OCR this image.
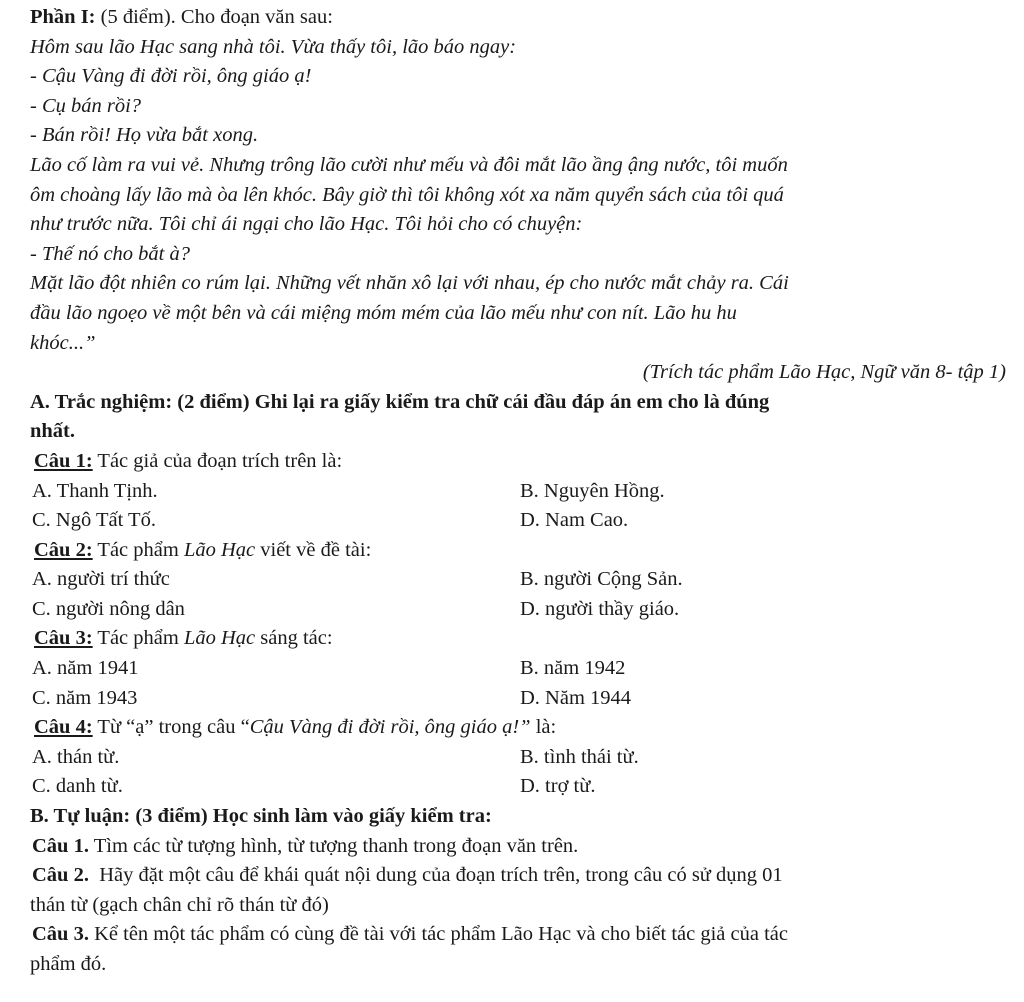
Phần I: (5 điểm). Cho đoạn văn sau:

Hôm sau lão Hạc sang nhà tôi. Vừa thấy tôi, lão báo ngay:

- Cậu Vàng đi đời rồi, ông giáo ạ!

- Cụ bán rồi?

- Bán rồi! Họ vừa bắt xong.

Lão cố làm ra vui vẻ. Nhưng trông lão cười như mếu và đôi mắt lão ầng ậng nước, tôi muốn

ôm choàng lấy lão mà òa lên khóc. Bây giờ thì tôi không xót xa năm quyển sách của tôi quá

như trước nữa. Tôi chỉ ái ngại cho lão Hạc. Tôi hỏi cho có chuyện:

- Thế nó cho bắt à?

Mặt lão đột nhiên co rúm lại. Những vết nhăn xô lại với nhau, ép cho nước mắt chảy ra. Cái

đầu lão ngoẹo về một bên và cái miệng móm mém của lão mếu như con nít. Lão hu hu

khóc...”

(Trích tác phẩm Lão Hạc, Ngữ văn 8- tập 1)

A. Trắc nghiệm: (2 điểm) Ghi lại ra giấy kiểm tra chữ cái đầu đáp án em cho là đúng

nhất.

Câu 1: Tác giả của đoạn trích trên là:

A. Thanh Tịnh.	B. Nguyên Hồng.
C. Ngô Tất Tố.	D. Nam Cao.

Câu 2: Tác phẩm Lão Hạc viết về đề tài:

A. người trí thức	B. người Cộng Sản.
C. người nông dân	D. người thầy giáo.

Câu 3: Tác phẩm Lão Hạc sáng tác:

A. năm 1941	B. năm 1942
C. năm 1943	D. Năm 1944

Câu 4: Từ “ạ” trong câu “Cậu Vàng đi đời rồi, ông giáo ạ!” là:

A. thán từ.	B. tình thái từ.
C. danh từ.	D. trợ từ.

B. Tự luận: (3 điểm) Học sinh làm vào giấy kiểm tra:

Câu 1. Tìm các từ tượng hình, từ tượng thanh trong đoạn văn trên.

Câu 2.  Hãy đặt một câu để khái quát nội dung của đoạn trích trên, trong câu có sử dụng 01

thán từ (gạch chân chỉ rõ thán từ đó)

Câu 3. Kể tên một tác phẩm có cùng đề tài với tác phẩm Lão Hạc và cho biết tác giả của tác

phẩm đó.
